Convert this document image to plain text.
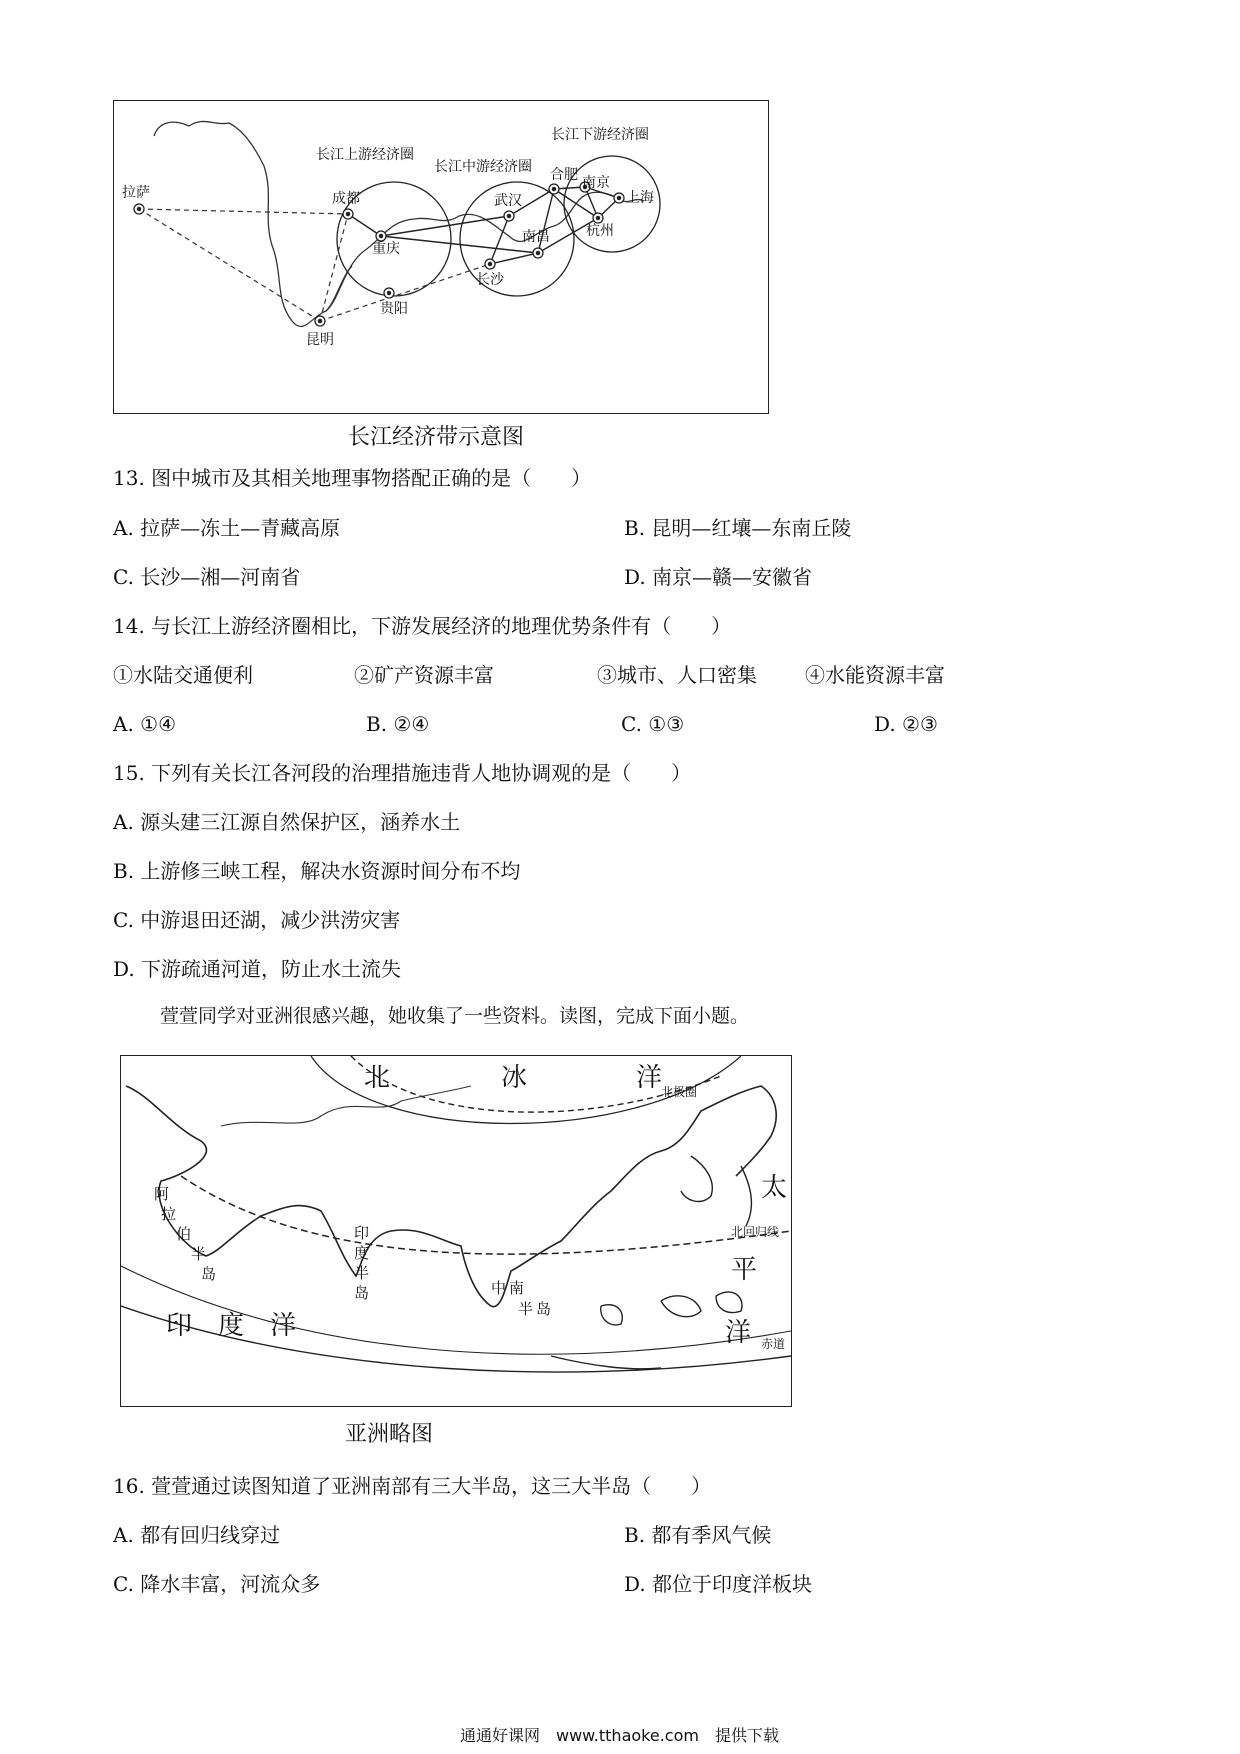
长江上游经济圈
长江中游经济圈
长江下游经济圈
拉萨	成都
重庆
武汉
长沙
南昌
合肥 南京
上海
杭州
贵阳
昆明
长江经济带示意图
13. 图中城市及其相关地理事物搭配正确的是（　　）
A. 拉萨—冻土—青藏高原	B. 昆明—红壤—东南丘陵
C. 长沙—湘—河南省	D. 南京—赣—安徽省
14. 与长江上游经济圈相比，下游发展经济的地理优势条件有（　　）
①水陆交通便利	②矿产资源丰富	③城市、人口密集 ④水能资源丰富
A. ①④	B. ②④	C. ①③	D. ②③
15. 下列有关长江各河段的治理措施违背人地协调观的是（　　）
A. 源头建三江源自然保护区，涵养水土
B. 上游修三峡工程，解决水资源时间分布不均
C. 中游退田还湖，减少洪涝灾害
D. 下游疏通河道，防止水土流失
萱萱同学对亚洲很感兴趣，她收集了一些资料。读图，完成下面小题。
北	冰	洋
太
平
洋
印　度　洋
北极圈
北回归线
赤道
阿
拉
伯
半
岛
印
度
半
岛	中 南
半 岛
亚洲略图
16. 萱萱通过读图知道了亚洲南部有三大半岛，这三大半岛（　　）
A. 都有回归线穿过	B. 都有季风气候
C. 降水丰富，河流众多	D. 都位于印度洋板块
通通好课网　www.tthaoke.com　提供下载
